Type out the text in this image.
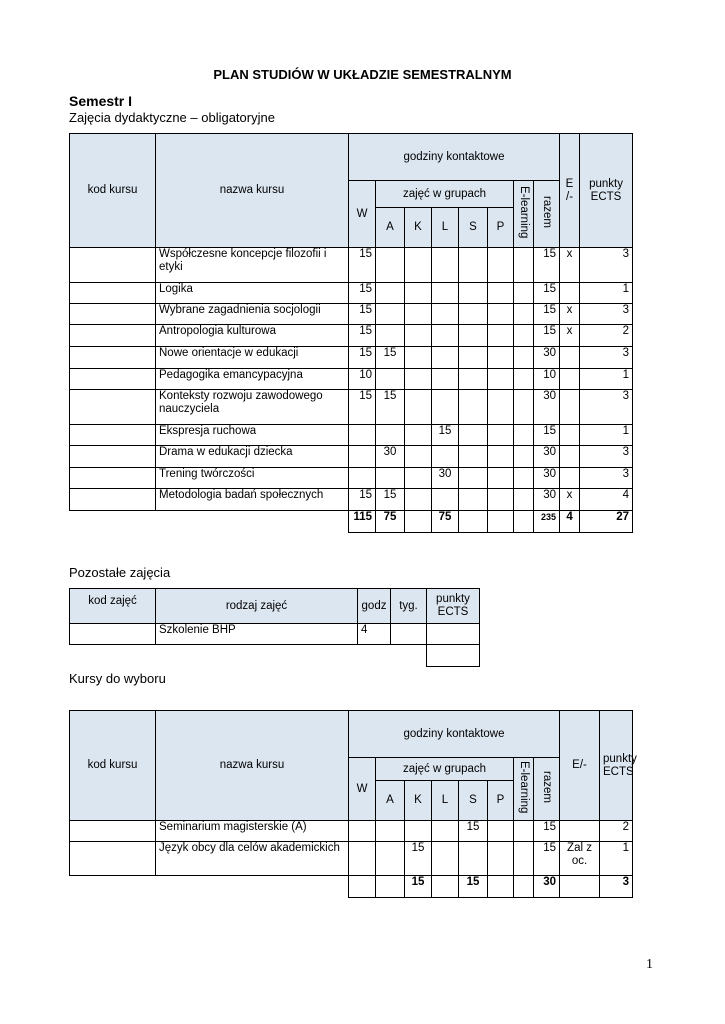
PLAN STUDIÓW W UKŁADZIE SEMESTRALNYM
Semestr I
Zajęcia dydaktyczne – obligatoryjne
kod kursu	nazwa kursu	godziny kontaktowe								E
/-	punkty
ECTS
		W	zajęć w grupach					E-learning	razem		
			A	K	L	S	P				
	Współczesne koncepcje filozofii i etyki	15							15	x	3
	Logika	15							15		1
	Wybrane zagadnienia socjologii	15							15	x	3
	Antropologia kulturowa	15							15	x	2
	Nowe orientacje w edukacji	15	15						30		3
	Pedagogika emancypacyjna	10							10		1
	Konteksty rozwoju zawodowego nauczyciela	15	15						30		3
	Ekspresja ruchowa				15				15		1
	Drama w edukacji dziecka		30						30		3
	Trening twórczości				30				30		3
	Metodologia badań społecznych	15	15						30	x	4
		115	75		75				235	4	27
Pozostałe zajęcia
kod zajęć	rodzaj zajęć	godz	tyg.	punkty
ECTS
	Szkolenie BHP	4		

Kursy do wyboru
kod kursu	nazwa kursu	godziny kontaktowe								E/-	punkty
ECTS
		W	zajęć w grupach					E-learning	razem		
			A	K	L	S	P				
	Seminarium magisterskie (A)					15			15		2
	Język obcy dla celów akademickich			15					15	Zal z oc.	1
				15		15			30		3
1
